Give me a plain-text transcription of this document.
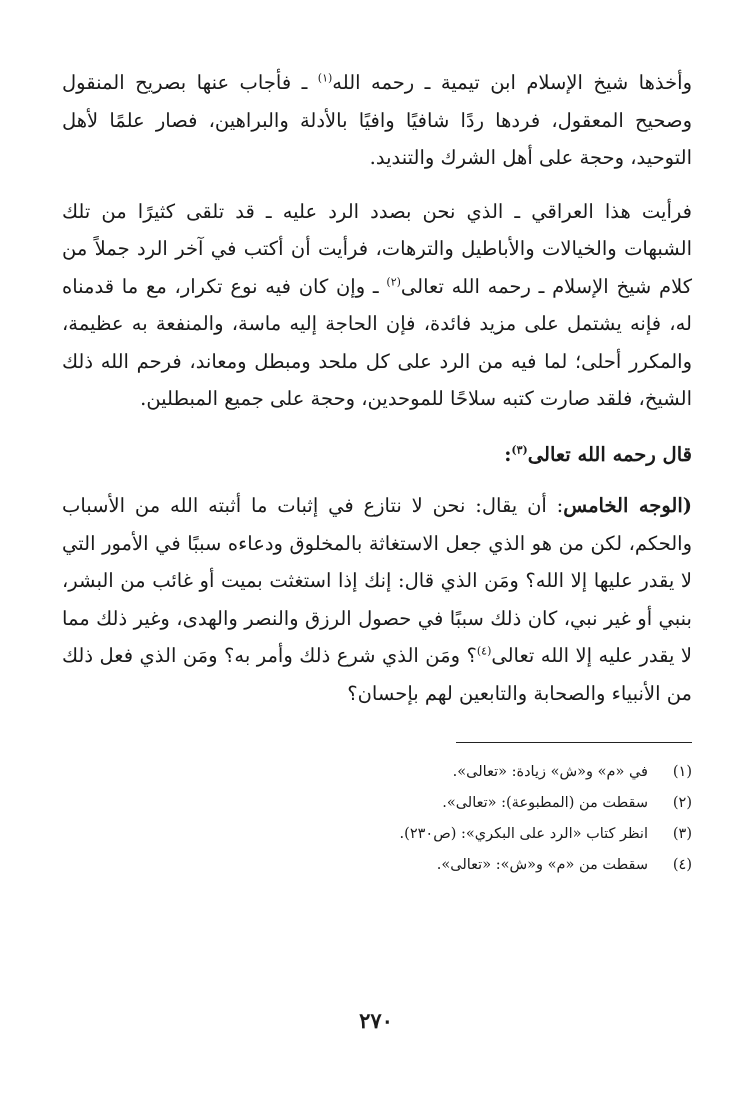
وأخذها شيخ الإسلام ابن تيمية ـ رحمه الله$^{(١)}$ ـ فأجاب عنها بصريح المنقول وصحيح المعقول، فردها ردًا شافيًا وافيًا بالأدلة والبراهين، فصار علمًا لأهل التوحيد، وحجة على أهل الشرك والتنديد.

فرأيت هذا العراقي ـ الذي نحن بصدد الرد عليه ـ قد تلقى كثيرًا من تلك الشبهات والخيالات والأباطيل والترهات، فرأيت أن أكتب في آخر الرد جملاً من كلام شيخ الإسلام ـ رحمه الله تعالى$^{(٢)}$ ـ وإن كان فيه نوع تكرار، مع ما قدمناه له، فإنه يشتمل على مزيد فائدة، فإن الحاجة إليه ماسة، والمنفعة به عظيمة، والمكرر أحلى؛ لما فيه من الرد على كل ملحد ومبطل ومعاند، فرحم الله ذلك الشيخ، فلقد صارت كتبه سلاحًا للموحدين، وحجة على جميع المبطلين.

قال رحمه الله تعالى$^{(٣)}$:

(الوجه الخامس: أن يقال: نحن لا نتازع في إثبات ما أثبته الله من الأسباب والحكم، لكن من هو الذي جعل الاستغاثة بالمخلوق ودعاءه سببًا في الأمور التي لا يقدر عليها إلا الله؟ ومَن الذي قال: إنك إذا استغثت بميت أو غائب من البشر، بنبي أو غير نبي، كان ذلك سببًا في حصول الرزق والنصر والهدى، وغير ذلك مما لا يقدر عليه إلا الله تعالى$^{(٤)}$؟ ومَن الذي شرع ذلك وأمر به؟ ومَن الذي فعل ذلك من الأنبياء والصحابة والتابعين لهم بإحسان؟

(١)
في «م» و«ش» زيادة: «تعالى».
(٢)
سقطت من (المطبوعة): «تعالى».
(٣)
انظر كتاب «الرد على البكري»: (ص٢٣٠).
(٤)
سقطت من «م» و«ش»: «تعالى».
٢٧٠
